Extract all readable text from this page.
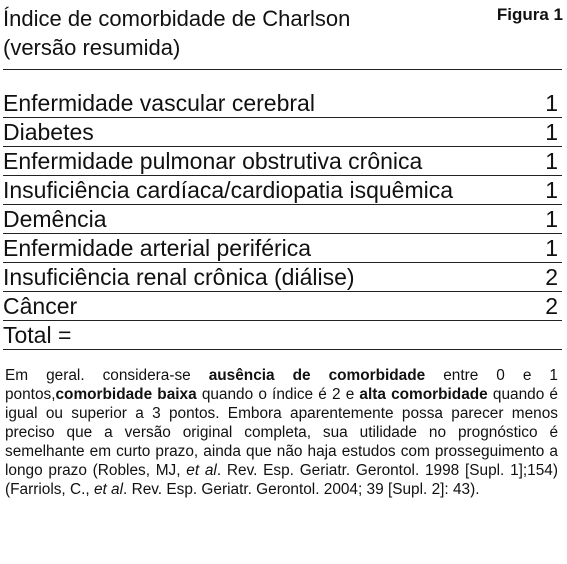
Índice de comorbidade de Charlson
(versão resumida)
Figura 1
Enfermidade vascular cerebral	1
Diabetes	1
Enfermidade pulmonar obstrutiva crônica	1
Insuficiência cardíaca/cardiopatia isquêmica	1
Demência	1
Enfermidade arterial periférica	1
Insuficiência renal crônica (diálise)	2
Câncer	2
Total =

Em geral. considera-se ausência de comorbidade entre 0 e 1 pontos,comorbidade baixa quando o índice é 2 e alta comorbidade quando é igual ou superior a 3 pontos. Embora aparentemente possa parecer menos preciso que a versão original completa, sua utilidade no prognóstico é semelhante em curto prazo, ainda que não haja estudos com prosseguimento a longo prazo (Robles, MJ, et al. Rev. Esp. Geriatr. Gerontol. 1998 [Supl. 1];154) (Farriols, C., et al. Rev. Esp. Geriatr. Gerontol. 2004; 39 [Supl. 2]: 43).
